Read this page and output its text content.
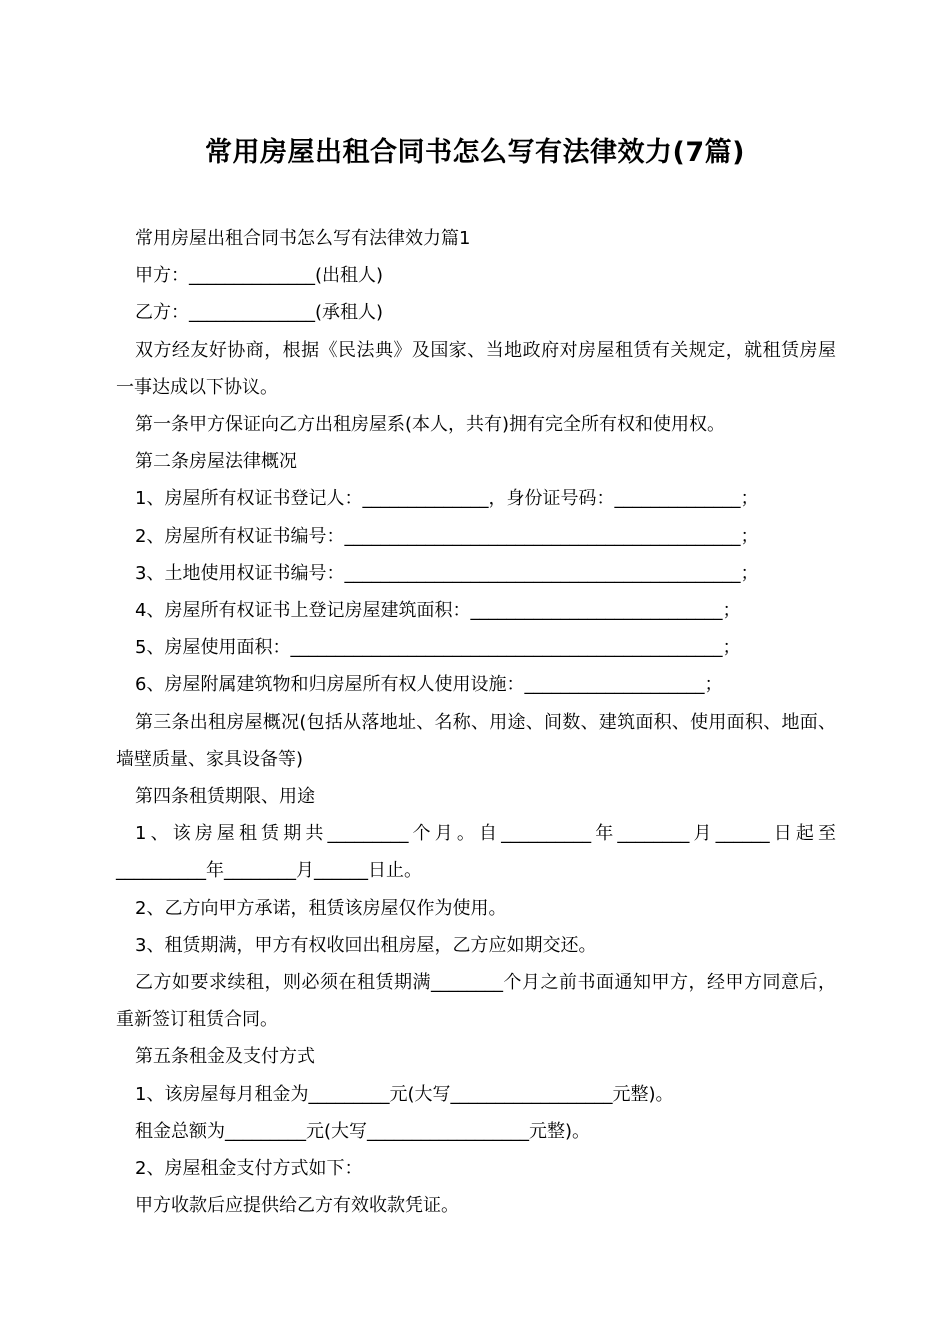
常用房屋出租合同书怎么写有法律效力(7篇)

常用房屋出租合同书怎么写有法律效力篇1

甲方：______________(出租人)

乙方：______________(承租人)

双方经友好协商，根据《民法典》及国家、当地政府对房屋租赁有关规定，就租赁房屋一事达成以下协议。

第一条甲方保证向乙方出租房屋系(本人，共有)拥有完全所有权和使用权。

第二条房屋法律概况

1、房屋所有权证书登记人：______________，身份证号码：______________；

2、房屋所有权证书编号：____________________________________________；

3、土地使用权证书编号：____________________________________________；

4、房屋所有权证书上登记房屋建筑面积：____________________________；

5、房屋使用面积：________________________________________________；

6、房屋附属建筑物和归房屋所有权人使用设施：____________________；

第三条出租房屋概况(包括从落地址、名称、用途、间数、建筑面积、使用面积、地面、墙壁质量、家具设备等)

第四条租赁期限、用途

1、该房屋租赁期共_________个月。自__________年________月______日起至__________年________月______日止。

2、乙方向甲方承诺，租赁该房屋仅作为使用。

3、租赁期满，甲方有权收回出租房屋，乙方应如期交还。

乙方如要求续租，则必须在租赁期满________个月之前书面通知甲方，经甲方同意后，重新签订租赁合同。

第五条租金及支付方式

1、该房屋每月租金为_________元(大写__________________元整)。

租金总额为_________元(大写__________________元整)。

2、房屋租金支付方式如下：

甲方收款后应提供给乙方有效收款凭证。
